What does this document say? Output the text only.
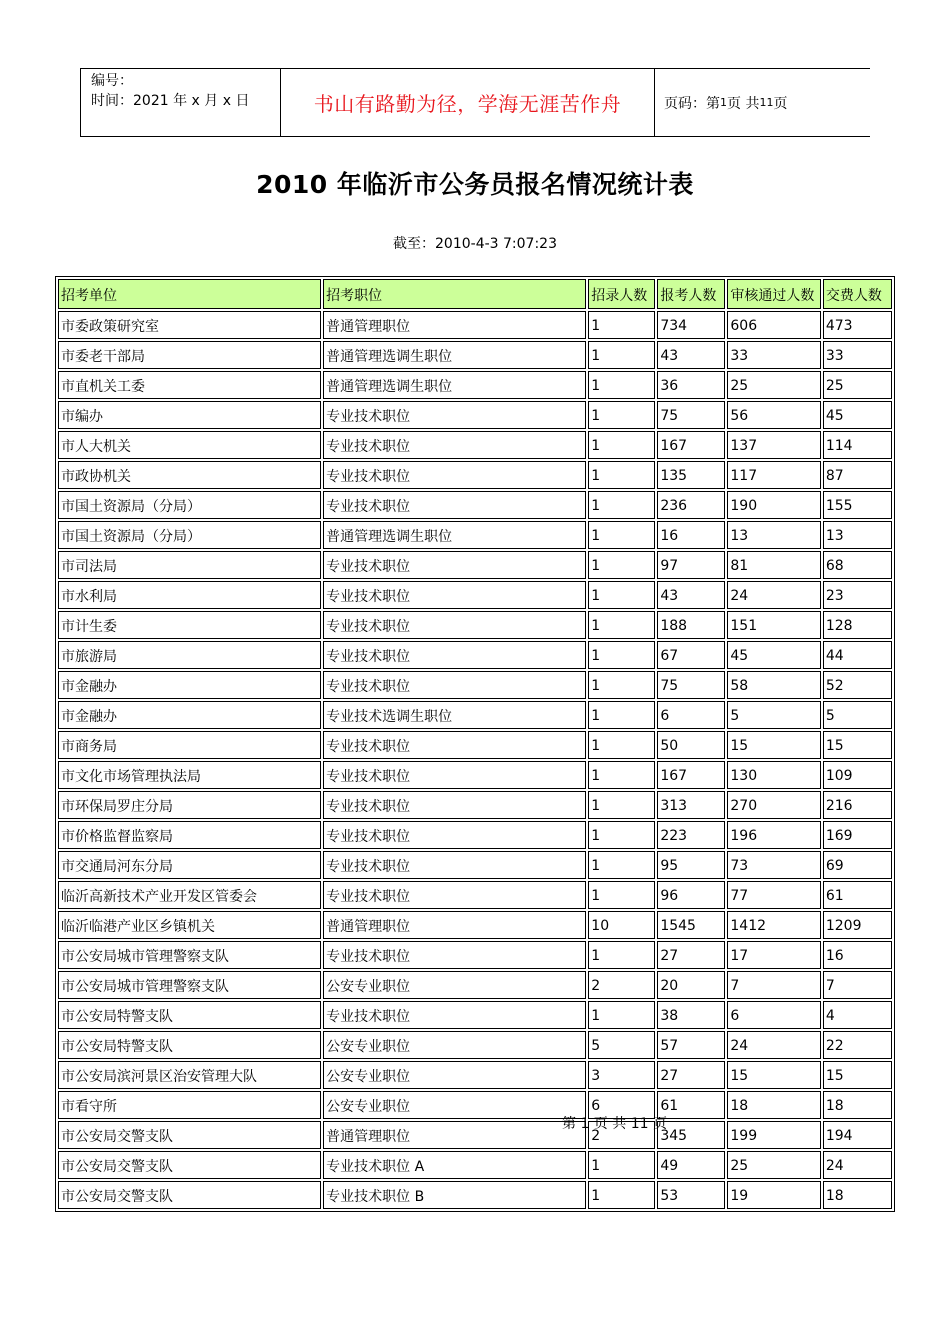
编号：
时间：2021 年 x 月 x 日	书山有路勤为径，学海无涯苦作舟	页码：第 1 页 共 11 页
2010 年临沂市公务员报名情况统计表
截至：2010-4-3 7:07:23
招考单位	招考职位	招录人数	报考人数	审核通过人数	交费人数
市委政策研究室	普通管理职位	1	734	606	473
市委老干部局	普通管理选调生职位	1	43	33	33
市直机关工委	普通管理选调生职位	1	36	25	25
市编办	专业技术职位	1	75	56	45
市人大机关	专业技术职位	1	167	137	114
市政协机关	专业技术职位	1	135	117	87
市国土资源局（分局）	专业技术职位	1	236	190	155
市国土资源局（分局）	普通管理选调生职位	1	16	13	13
市司法局	专业技术职位	1	97	81	68
市水利局	专业技术职位	1	43	24	23
市计生委	专业技术职位	1	188	151	128
市旅游局	专业技术职位	1	67	45	44
市金融办	专业技术职位	1	75	58	52
市金融办	专业技术选调生职位	1	6	5	5
市商务局	专业技术职位	1	50	15	15
市文化市场管理执法局	专业技术职位	1	167	130	109
市环保局罗庄分局	专业技术职位	1	313	270	216
市价格监督监察局	专业技术职位	1	223	196	169
市交通局河东分局	专业技术职位	1	95	73	69
临沂高新技术产业开发区管委会	专业技术职位	1	96	77	61
临沂临港产业区乡镇机关	普通管理职位	10	1545	1412	1209
市公安局城市管理警察支队	专业技术职位	1	27	17	16
市公安局城市管理警察支队	公安专业职位	2	20	7	7
市公安局特警支队	专业技术职位	1	38	6	4
市公安局特警支队	公安专业职位	5	57	24	22
市公安局滨河景区治安管理大队	公安专业职位	3	27	15	15
市看守所	公安专业职位	6	61	18	18
市公安局交警支队	普通管理职位	2	345	199	194
市公安局交警支队	专业技术职位 A	1	49	25	24
市公安局交警支队	专业技术职位 B	1	53	19	18
第 1 页 共 11 页
